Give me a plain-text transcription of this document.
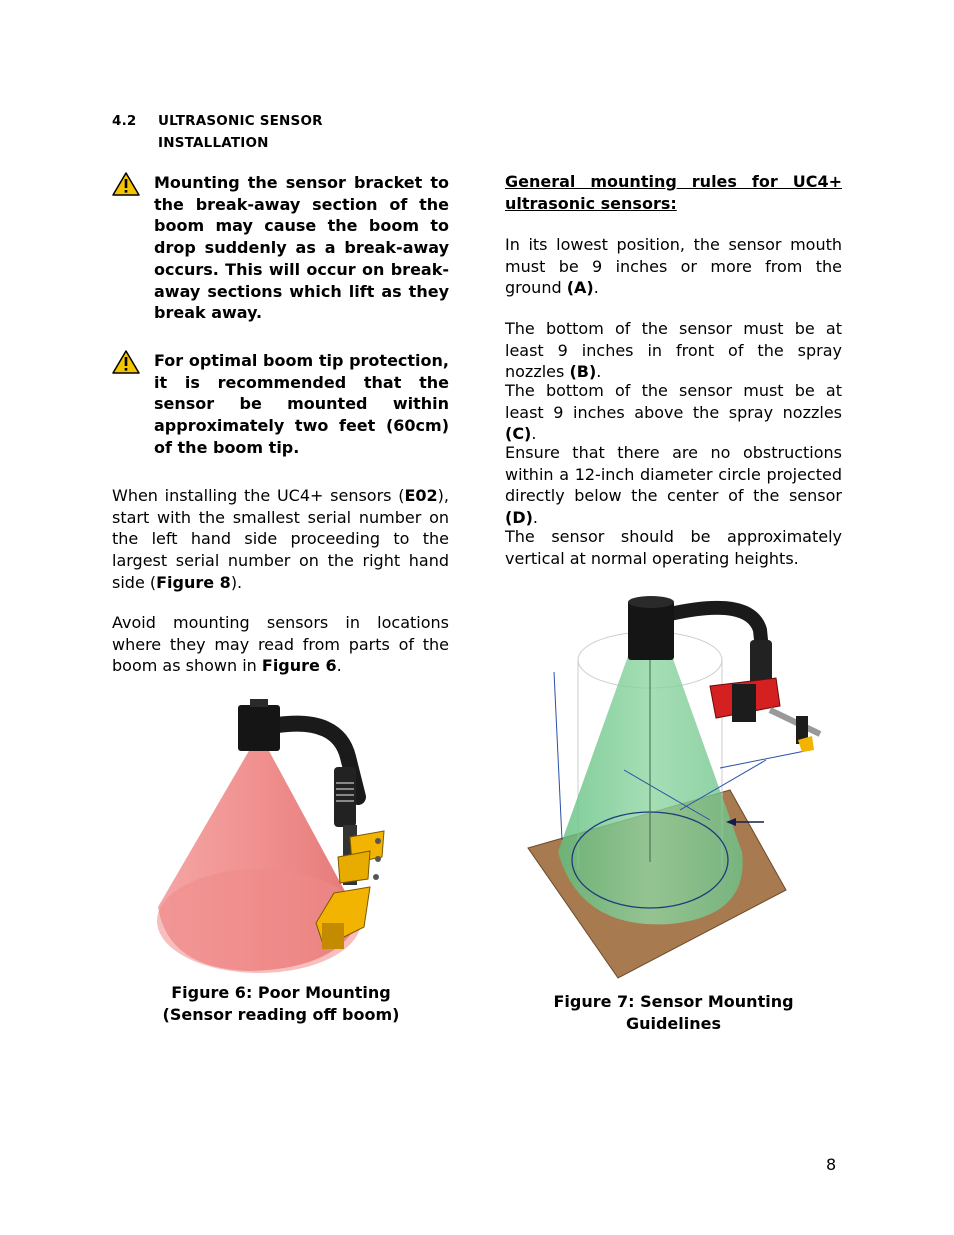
4.2 ULTRASONIC SENSOR
INSTALLATION
Mounting the sensor bracket to the break-away section of the boom may cause the boom to drop suddenly as a break-away occurs. This will occur on break-away sections which lift as they break away.
For optimal boom tip protection, it is recommended that the sensor be mounted within approximately two feet (60cm) of the boom tip.
When installing the UC4+ sensors (E02), start with the smallest serial number on the left hand side proceeding to the largest serial number on the right hand side (Figure 8).
Avoid mounting sensors in locations where they may read from parts of the boom as shown in Figure 6.
General mounting rules for UC4+ ultrasonic sensors:
In its lowest position, the sensor mouth must be 9 inches or more from the ground (A).
The bottom of the sensor must be at least 9 inches in front of the spray nozzles (B).
The bottom of the sensor must be at least 9 inches above the spray nozzles (C).
Ensure that there are no obstructions within a 12-inch diameter circle projected directly below the center of the sensor (D).
The sensor should be approximately vertical at normal operating heights.
Figure 6: Poor Mounting
(Sensor reading off boom)
Figure 7: Sensor Mounting Guidelines
8
